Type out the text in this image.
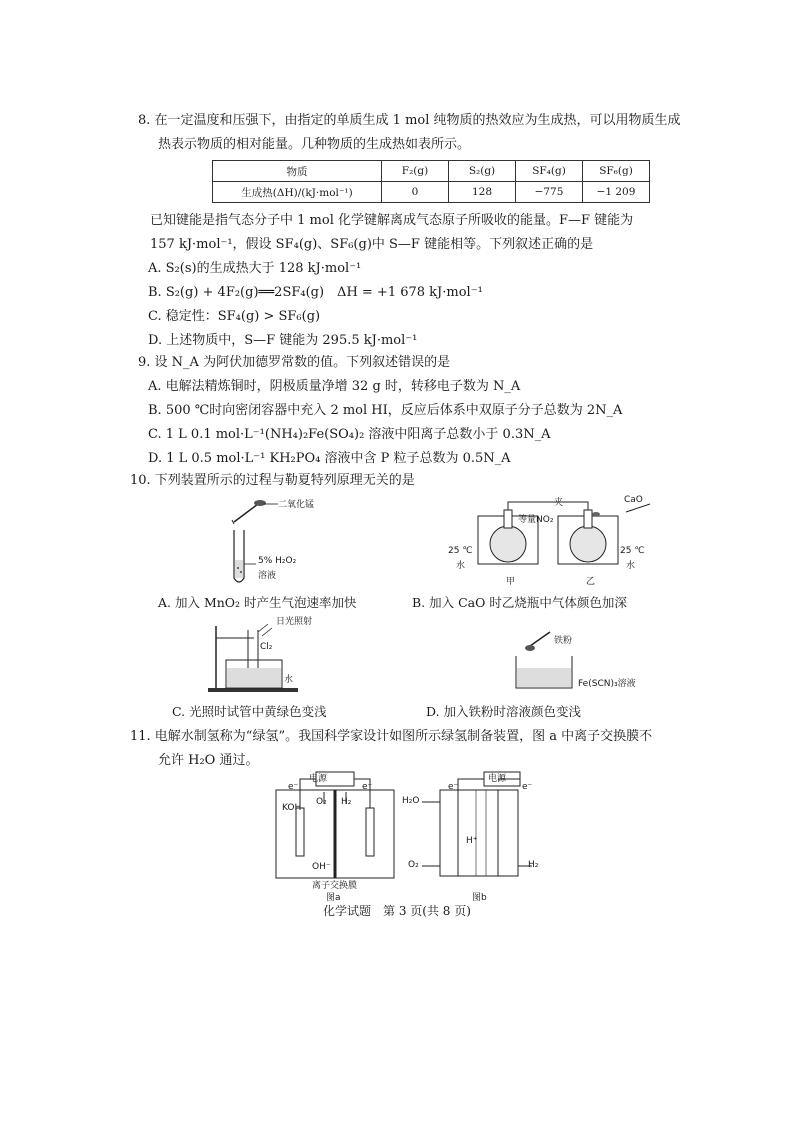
8. 在一定温度和压强下，由指定的单质生成 1 mol 纯物质的热效应为生成热，可以用物质生成
热表示物质的相对能量。几种物质的生成热如表所示。
物质	F₂(g)	S₂(g)	SF₄(g)	SF₆(g)
生成热(ΔH)/(kJ·mol⁻¹)	0	128	−775	−1 209
已知键能是指气态分子中 1 mol 化学键解离成气态原子所吸收的能量。F—F 键能为
157 kJ·mol⁻¹，假设 SF₄(g)、SF₆(g)中 S—F 键能相等。下列叙述正确的是
A. S₂(s)的生成热大于 128 kJ·mol⁻¹
B. S₂(g) + 4F₂(g)══2SF₄(g)　ΔH = +1 678 kJ·mol⁻¹
C. 稳定性：SF₄(g) > SF₆(g)
D. 上述物质中，S—F 键能为 295.5 kJ·mol⁻¹
9. 设 N_A 为阿伏加德罗常数的值。下列叙述错误的是
A. 电解法精炼铜时，阴极质量净增 32 g 时，转移电子数为 N_A
B. 500 ℃时向密闭容器中充入 2 mol HI，反应后体系中双原子分子总数为 2N_A
C. 1 L 0.1 mol·L⁻¹(NH₄)₂Fe(SO₄)₂ 溶液中阳离子总数小于 0.3N_A
D. 1 L 0.5 mol·L⁻¹ KH₂PO₄ 溶液中含 P 粒子总数为 0.5N_A
10. 下列装置所示的过程与勒夏特列原理无关的是
二氧化锰
5% H₂O₂
溶液
A. 加入 MnO₂ 时产生气泡速率加快
夹	CaO
等量NO₂
25 ℃
水
25 ℃
水
甲	乙
B. 加入 CaO 时乙烧瓶中气体颜色加深
日光照射
Cl₂
水
C. 光照时试管中黄绿色变浅
铁粉
Fe(SCN)₃溶液
D. 加入铁粉时溶液颜色变浅
11. 电解水制氢称为“绿氢”。我国科学家设计如图所示绿氢制备装置，图 a 中离子交换膜不
允许 H₂O 通过。
电源
e⁻	e⁻
KOH
O₂ H₂
OH⁻
离子交换膜
图a
电源
e⁻	e⁻
H₂O
H⁺
O₂	H₂
图b
化学试题　第 3 页(共 8 页)
